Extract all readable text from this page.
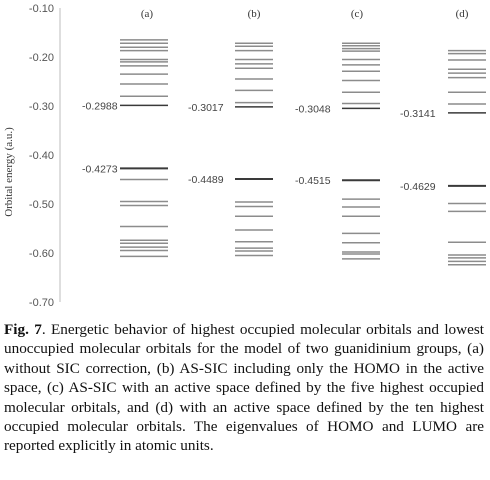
Orbital energy (a.u.)
-0.10
-0.20
-0.30
-0.40
-0.50
-0.60
-0.70
(a)
-0.2988
-0.4273
(b)
-0.3017
-0.4489
(c)
-0.3048
-0.4515
(d)
-0.3141
-0.4629
Fig. 7. Energetic behavior of highest occupied molecular orbitals and lowest unoccupied molecular orbitals for the model of two guanidinium groups, (a) without SIC correction, (b) AS-SIC including only the HOMO in the active space, (c) AS-SIC with an active space defined by the five highest occupied molecular orbitals, and (d) with an active space defined by the ten highest occupied molecular orbitals. The eigenvalues of HOMO and LUMO are reported explicitly in atomic units.
